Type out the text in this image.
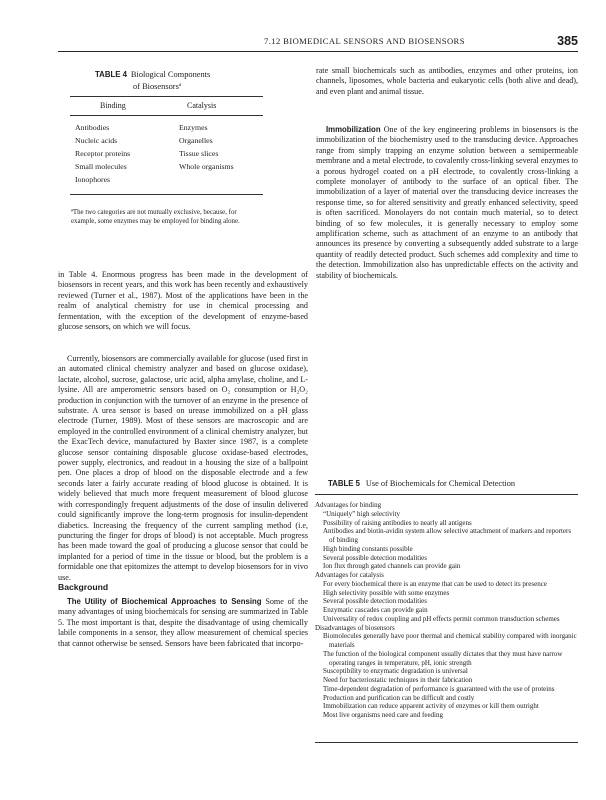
7.12 BIOMEDICAL SENSORS AND BIOSENSORS	385
TABLE 4 Biological Components
of Biosensorsª
Binding	Catalysis
Antibodies
Nucleic acids
Receptor proteins
Small molecules
Ionophores
Enzymes
Organelles
Tissue slices
Whole organisms
ªThe two categories are not mutually exclusive, because, for example, some enzymes may be employed for binding alone.

in Table 4. Enormous progress has been made in the development of biosensors in recent years, and this work has been recently and exhaustively reviewed (Turner et al., 1987). Most of the applications have been in the realm of analytical chemistry for use in chemical processing and fermentation, with the exception of the development of enzyme-based glucose sensors, on which we will focus.

Currently, biosensors are commercially available for glucose (used first in an automated clinical chemistry analyzer and based on glucose oxidase), lactate, alcohol, sucrose, galactose, uric acid, alpha amylase, choline, and L-lysine. All are amperometric sensors based on O₂ consumption or H₂O₂ production in conjunction with the turnover of an enzyme in the presence of substrate. A urea sensor is based on urease immobilized on a pH glass electrode (Turner, 1989). Most of these sensors are macroscopic and are employed in the controlled environment of a clinical chemistry analyzer, but the ExacTech device, manufactured by Baxter since 1987, is a complete glucose sensor containing disposable glucose oxidase-based electrodes, power supply, electronics, and readout in a housing the size of a ballpoint pen. One places a drop of blood on the disposable electrode and a few seconds later a fairly accurate reading of blood glucose is obtained. It is widely believed that much more frequent measurement of blood glucose with correspondingly frequent adjustments of the dose of insulin delivered could significantly improve the long-term prognosis for insulin-dependent diabetics. Increasing the frequency of the current sampling method (i.e, puncturing the finger for drops of blood) is not acceptable. Much progress has been made toward the goal of producing a glucose sensor that could be implanted for a period of time in the tissue or blood, but the problem is a formidable one that epitomizes the attempt to develop biosensors for in vivo use.

Background

The Utility of Biochemical Approaches to Sensing Some of the many advantages of using biochemicals for sensing are summarized in Table 5. The most important is that, despite the disadvantage of using chemically labile components in a sensor, they allow measurement of chemical species that cannot otherwise be sensed. Sensors have been fabricated that incorpo-

rate small biochemicals such as antibodies, enzymes and other proteins, ion channels, liposomes, whole bacteria and eukaryotic cells (both alive and dead), and even plant and animal tissue.

Immobilization One of the key engineering problems in biosensors is the immobilization of the biochemistry used to the transducing device. Approaches range from simply trapping an enzyme solution between a semipermeable membrane and a metal electrode, to covalently cross-linking several enzymes to a porous hydrogel coated on a pH electrode, to covalently cross-linking a complete monolayer of antibody to the surface of an optical fiber. The immobilization of a layer of material over the transducing device increases the response time, so for altered sensitivity and greatly enhanced selectivity, speed is often sacrificed. Monolayers do not contain much material, so to detect binding of so few molecules, it is generally necessary to employ some amplification scheme, such as attachment of an enzyme to an antibody that announces its presence by converting a subsequently added substrate to a large quantity of readily detected product. Such schemes add complexity and time to the detection. Immobilization also has unpredictable effects on the activity and stability of biochemicals.

TABLE 5 Use of Biochemicals for Chemical Detection
Advantages for binding
“Uniquely” high selectivity
Possibility of raising antibodies to nearly all antigens
Antibodies and biotin-avidin system allow selective attachment of markers and reporters of binding
High binding constants possible
Several possible detection modalities
Ion flux through gated channels can provide gain
Advantages for catalysis
For every biochemical there is an enzyme that can be used to detect its presence
High selectivity possible with some enzymes
Several possible detection modalities
Enzymatic cascades can provide gain
Universality of redox coupling and pH effects permit common transduction schemes
Disadvantages of biosensors
Biomolecules generally have poor thermal and chemical stability compared with inorganic materials
The function of the biological component usually dictates that they must have narrow operating ranges in temperature, pH, ionic strength
Susceptibility to enzymatic degradation is universal
Need for bacteriostatic techniques in their fabrication
Time-dependent degradation of performance is guaranteed with the use of proteins
Production and purification can be difficult and costly
Immobilization can reduce apparent activity of enzymes or kill them outright
Most live organisms need care and feeding
